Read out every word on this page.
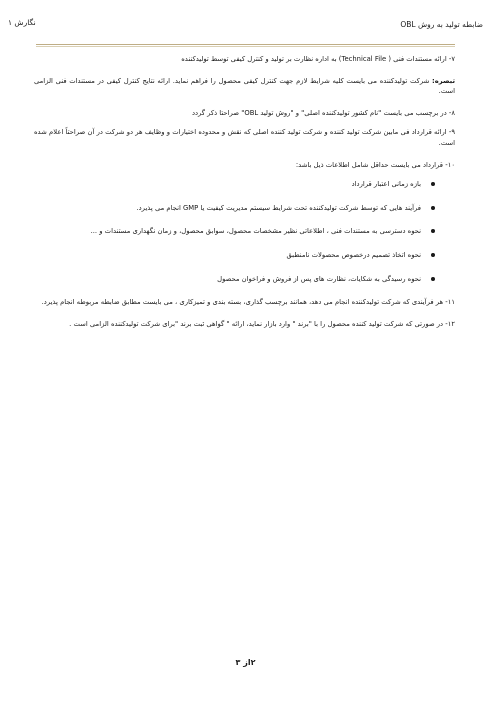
ضابطه تولید به روش OBL
نگارش ۱

۷- ارائه مستندات فنی ( Technical File) به اداره نظارت بر تولید و کنترل کیفی توسط تولیدکننده

تبصره: شرکت تولیدکننده می بایست کلیه شرایط لازم جهت کنترل کیفی محصول را فراهم نماید. ارائه نتایج کنترل کیفی در مستندات فنی الزامی است.

۸- در برچسب می بایست "نام کشور تولیدکننده اصلی" و "روش تولید OBL" صراحتا ذکر گردد

۹- ارائه قرارداد فی مابین شرکت تولید کننده و شرکت تولید کننده اصلی که نقش و محدوده اختیارات و وظایف هر دو شرکت در آن صراحتاً اعلام شده است.

۱۰- قرارداد می بایست حداقل شامل اطلاعات ذیل باشد:

بازه زمانی اعتبار قرارداد
فرآیند هایی که توسط شرکت تولیدکننده تحت شرایط سیستم مدیریت کیفیت یا GMP انجام می پذیرد.
نحوه دسترسی به مستندات فنی ، اطلاعاتی نظیر مشخصات محصول، سوابق محصول، و زمان نگهداری مستندات و ...
نحوه اتخاذ تصمیم درخصوص محصولات نامنطبق
نحوه رسیدگی به شکایات، نظارت های پس از فروش و فراخوان محصول

۱۱- هر فرآیندی که شرکت تولیدکننده انجام می دهد، همانند برچسب گذاری، بسته بندی و تمیزکاری ، می بایست مطابق ضابطه مربوطه انجام پذیرد.

۱۲- در صورتی که شرکت تولید کننده محصول را با "برند " وارد بازار نماید، ارائه " گواهی ثبت برند "برای شرکت تولیدکننده الزامی است .

۲از ۳
